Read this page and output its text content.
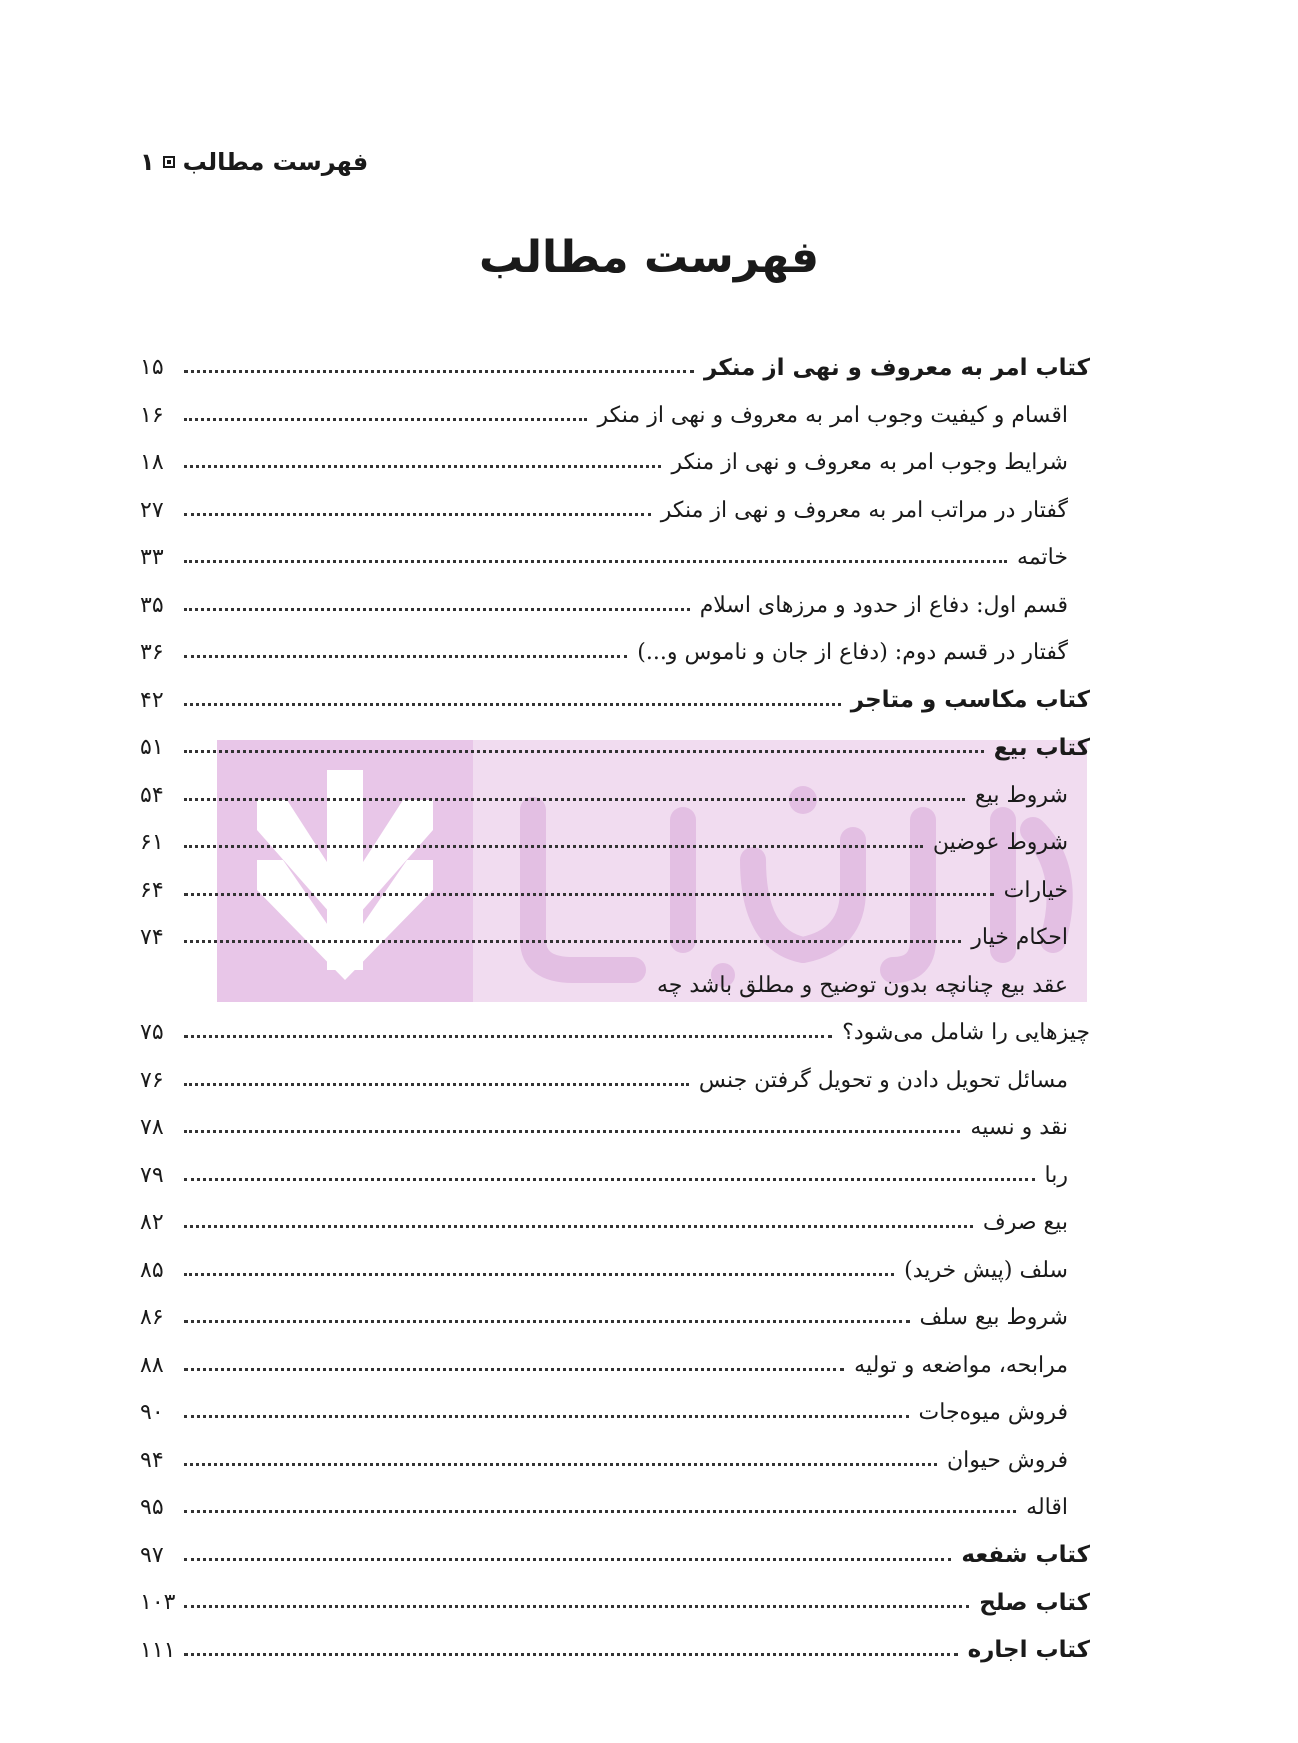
فهرست مطالب
۱
فهرست مطالب
کتاب امر به معروف و نهی از منکر
۱۵
اقسام و کیفیت وجوب امر به معروف و نهی از منکر
۱۶
شرایط وجوب امر به معروف و نهی از منکر
۱۸
گفتار در مراتب امر به معروف و نهی از منکر
۲۷
خاتمه
۳۳
قسم اول: دفاع از حدود و مرزهای اسلام
۳۵
گفتار در قسم دوم: (دفاع از جان و ناموس و...)
۳۶
کتاب مکاسب و متاجر
۴۲
کتاب بیع
۵۱
شروط بیع
۵۴
شروط عوضین
۶۱
خیارات
۶۴
احکام خیار
۷۴
عقد بیع چنانچه بدون توضیح و مطلق باشد چه
چیزهایی را شامل می‌شود؟
۷۵
مسائل تحویل دادن و تحویل گرفتن جنس
۷۶
نقد و نسیه
۷۸
ربا
۷۹
بیع صرف
۸۲
سلف (پیش خرید)
۸۵
شروط بیع سلف
۸۶
مرابحه، مواضعه و تولیه
۸۸
فروش میوه‌جات
۹۰
فروش حیوان
۹۴
اقاله
۹۵
کتاب شفعه
۹۷
کتاب صلح
۱۰۳
کتاب اجاره
۱۱۱
